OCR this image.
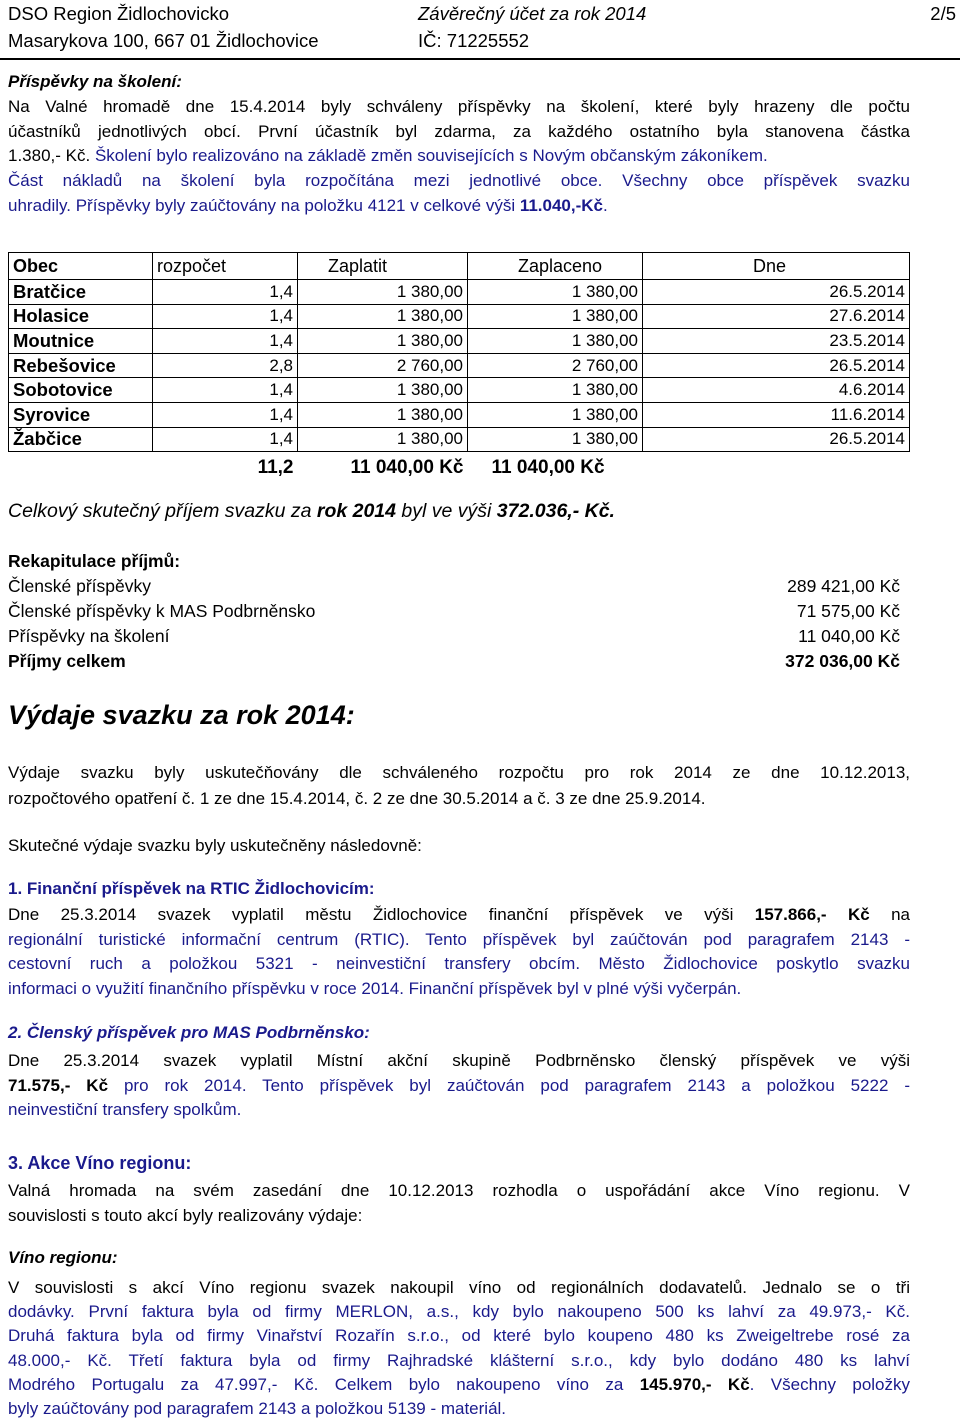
DSO Region Židlochovicko	Závěrečný účet za rok 2014	2/5
Masarykova 100, 667 01 Židlochovice	IČ: 71225552
Příspěvky na školení:
Na Valné hromadě dne 15.4.2014 byly schváleny příspěvky na školení, které byly hrazeny dle počtu
účastníků jednotlivých obcí. První účastník byl zdarma, za každého ostatního byla stanovena částka
1.380,- Kč. Školení bylo realizováno na základě změn souvisejících s Novým občanským zákoníkem.
Část nákladů na školení byla rozpočítána mezi jednotlivé obce. Všechny obce příspěvek svazku
uhradily. Příspěvky byly zaúčtovány na položku 4121 v celkové výši 11.040,-Kč.
Obec	rozpočet	Zaplatit	Zaplaceno	Dne
Bratčice	1,4	1 380,00	1 380,00	26.5.2014
Holasice	1,4	1 380,00	1 380,00	27.6.2014
Moutnice	1,4	1 380,00	1 380,00	23.5.2014
Rebešovice	2,8	2 760,00	2 760,00	26.5.2014
Sobotovice	1,4	1 380,00	1 380,00	4.6.2014
Syrovice	1,4	1 380,00	1 380,00	11.6.2014
Žabčice	1,4	1 380,00	1 380,00	26.5.2014
	11,2	11 040,00 Kč	11 040,00 Kč	
Celkový skutečný příjem svazku za rok 2014 byl ve výši 372.036,- Kč.
Rekapitulace příjmů:
Členské příspěvky	289 421,00 Kč
Členské příspěvky k MAS Podbrněnsko	71 575,00 Kč
Příspěvky na školení	11 040,00 Kč
Příjmy celkem	372 036,00 Kč
Výdaje svazku za rok 2014:
Výdaje svazku byly uskutečňovány dle schváleného rozpočtu pro rok 2014 ze dne 10.12.2013,
rozpočtového opatření č. 1 ze dne 15.4.2014, č. 2 ze dne 30.5.2014 a č. 3 ze dne 25.9.2014.
Skutečné výdaje svazku byly uskutečněny následovně:
1. Finanční příspěvek na RTIC Židlochovicím:
Dne 25.3.2014 svazek vyplatil městu Židlochovice finanční příspěvek ve výši 157.866,- Kč na
regionální turistické informační centrum (RTIC). Tento příspěvek byl zaúčtován pod paragrafem 2143 -
cestovní ruch a položkou 5321 - neinvestiční transfery obcím. Město Židlochovice poskytlo svazku
informaci o využití finančního příspěvku v roce 2014. Finanční příspěvek byl v plné výši vyčerpán.
2. Členský příspěvek pro MAS Podbrněnsko:
Dne 25.3.2014 svazek vyplatil Místní akční skupině Podbrněnsko členský příspěvek ve výši
71.575,- Kč pro rok 2014. Tento příspěvek byl zaúčtován pod paragrafem 2143 a položkou 5222 -
neinvestiční transfery spolkům.
3. Akce Víno regionu:
Valná hromada na svém zasedání dne 10.12.2013 rozhodla o uspořádání akce Víno regionu. V
souvislosti s touto akcí byly realizovány výdaje:
Víno regionu:
V souvislosti s akcí Víno regionu svazek nakoupil víno od regionálních dodavatelů. Jednalo se o tři
dodávky. První faktura byla od firmy MERLON, a.s., kdy bylo nakoupeno 500 ks lahví za 49.973,- Kč.
Druhá faktura byla od firmy Vinařství Rozařín s.r.o., od které bylo koupeno 480 ks Zweigeltrebe rosé za
48.000,- Kč. Třetí faktura byla od firmy Rajhradské klášterní s.r.o., kdy bylo dodáno 480 ks lahví
Modrého Portugalu za 47.997,- Kč. Celkem bylo nakoupeno víno za 145.970,- Kč. Všechny položky
byly zaúčtovány pod paragrafem 2143 a položkou 5139 - materiál.
